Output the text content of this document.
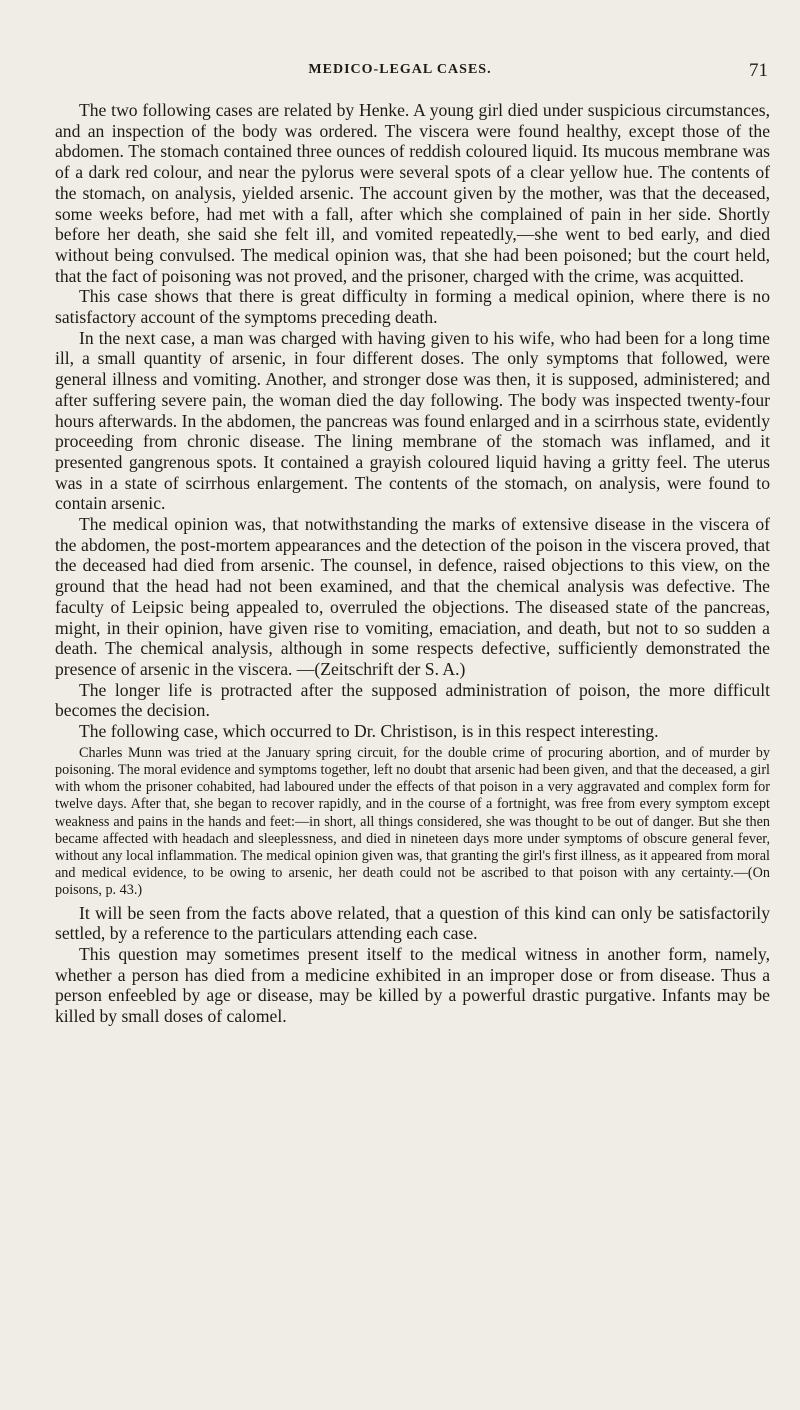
MEDICO-LEGAL CASES.	71

The two following cases are related by Henke. A young girl died under suspicious circumstances, and an inspection of the body was ordered. The viscera were found healthy, except those of the abdomen. The stomach contained three ounces of reddish coloured liquid. Its mucous membrane was of a dark red colour, and near the pylorus were several spots of a clear yellow hue. The contents of the stomach, on analysis, yielded arsenic. The account given by the mother, was that the deceased, some weeks before, had met with a fall, after which she complained of pain in her side. Shortly before her death, she said she felt ill, and vomited repeatedly,—she went to bed early, and died without being convulsed. The medical opinion was, that she had been poisoned; but the court held, that the fact of poisoning was not proved, and the prisoner, charged with the crime, was acquitted.

This case shows that there is great difficulty in forming a medical opinion, where there is no satisfactory account of the symptoms preceding death.

In the next case, a man was charged with having given to his wife, who had been for a long time ill, a small quantity of arsenic, in four different doses. The only symptoms that followed, were general illness and vomiting. Another, and stronger dose was then, it is supposed, administered; and after suffering severe pain, the woman died the day following. The body was inspected twenty-four hours afterwards. In the abdomen, the pancreas was found enlarged and in a scirrhous state, evidently proceeding from chronic disease. The lining membrane of the stomach was inflamed, and it presented gangrenous spots. It contained a grayish coloured liquid having a gritty feel. The uterus was in a state of scirrhous enlargement. The contents of the stomach, on analysis, were found to contain arsenic.

The medical opinion was, that notwithstanding the marks of extensive disease in the viscera of the abdomen, the post-mortem appearances and the detection of the poison in the viscera proved, that the deceased had died from arsenic. The counsel, in defence, raised objections to this view, on the ground that the head had not been examined, and that the chemical analysis was defective. The faculty of Leipsic being appealed to, overruled the objections. The diseased state of the pancreas, might, in their opinion, have given rise to vomiting, emaciation, and death, but not to so sudden a death. The chemical analysis, although in some respects defective, sufficiently demonstrated the presence of arsenic in the viscera. —(Zeitschrift der S. A.)

The longer life is protracted after the supposed administration of poison, the more difficult becomes the decision.

The following case, which occurred to Dr. Christison, is in this respect interesting.

Charles Munn was tried at the January spring circuit, for the double crime of procuring abortion, and of murder by poisoning. The moral evidence and symptoms together, left no doubt that arsenic had been given, and that the deceased, a girl with whom the prisoner cohabited, had laboured under the effects of that poison in a very aggravated and complex form for twelve days. After that, she began to recover rapidly, and in the course of a fortnight, was free from every symptom except weakness and pains in the hands and feet:—in short, all things considered, she was thought to be out of danger. But she then became affected with headach and sleeplessness, and died in nineteen days more under symptoms of obscure general fever, without any local inflammation. The medical opinion given was, that granting the girl's first illness, as it appeared from moral and medical evidence, to be owing to arsenic, her death could not be ascribed to that poison with any certainty.—(On poisons, p. 43.)

It will be seen from the facts above related, that a question of this kind can only be satisfactorily settled, by a reference to the particulars attending each case.

This question may sometimes present itself to the medical witness in another form, namely, whether a person has died from a medicine exhibited in an improper dose or from disease. Thus a person enfeebled by age or disease, may be killed by a powerful drastic purgative. Infants may be killed by small doses of calomel.
